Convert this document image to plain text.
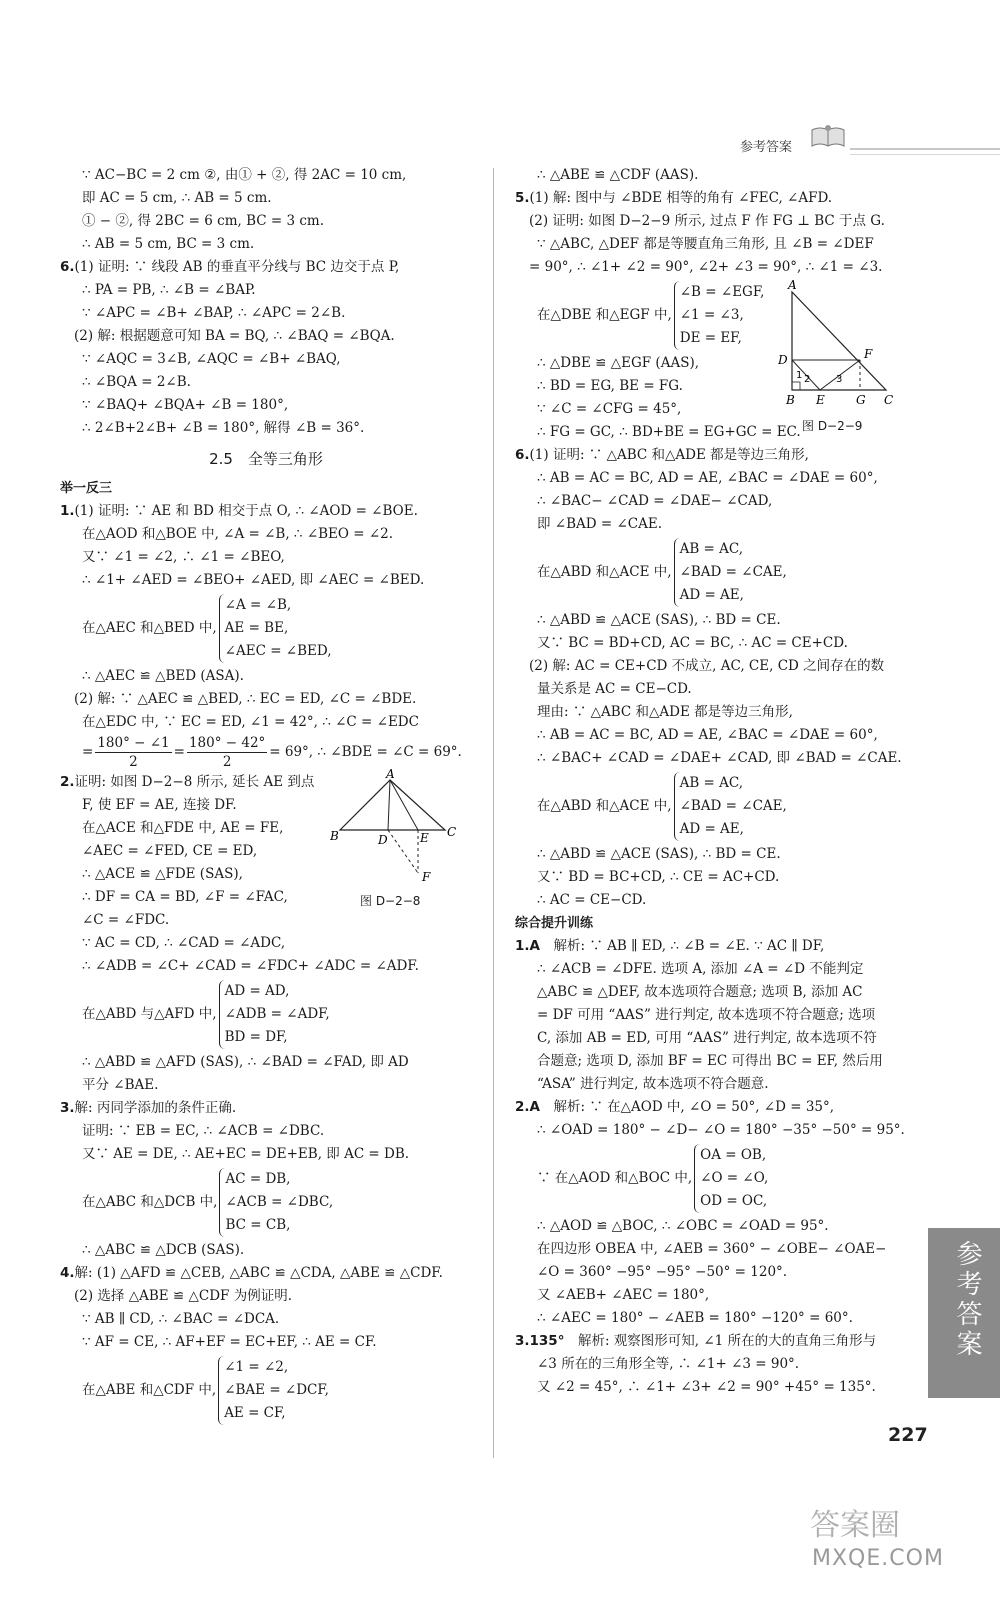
参考答案
∵ AC−BC = 2 cm ②, 由① + ②, 得 2AC = 10 cm,
即 AC = 5 cm, ∴ AB = 5 cm.
① − ②, 得 2BC = 6 cm, BC = 3 cm.
∴ AB = 5 cm, BC = 3 cm.
6.(1) 证明: ∵ 线段 AB 的垂直平分线与 BC 边交于点 P,
∴ PA = PB, ∴ ∠B = ∠BAP.
∵ ∠APC = ∠B+ ∠BAP, ∴ ∠APC = 2∠B.
(2) 解: 根据题意可知 BA = BQ, ∴ ∠BAQ = ∠BQA.
∵ ∠AQC = 3∠B, ∠AQC = ∠B+ ∠BAQ,
∴ ∠BQA = 2∠B.
∵ ∠BAQ+ ∠BQA+ ∠B = 180°,
∴ 2∠B+2∠B+ ∠B = 180°, 解得 ∠B = 36°.
2.5　全等三角形
举一反三
1.(1) 证明: ∵ AE 和 BD 相交于点 O, ∴ ∠AOD = ∠BOE.
在△AOD 和△BOE 中, ∠A = ∠B, ∴ ∠BEO = ∠2.
又∵ ∠1 = ∠2, ∴ ∠1 = ∠BEO,
∴ ∠1+ ∠AED = ∠BEO+ ∠AED, 即 ∠AEC = ∠BED.
在△AEC 和△BED 中,
∠A = ∠B,
AE = BE,
∠AEC = ∠BED,
∴ △AEC ≌ △BED (ASA).
(2) 解: ∵ △AEC ≌ △BED, ∴ EC = ED, ∠C = ∠BDE.
在△EDC 中, ∵ EC = ED, ∠1 = 42°, ∴ ∠C = ∠EDC
= $\frac{180^\circ - \angle 1}{2} = \frac{180^\circ - 42^\circ}{2} = 69^\circ$, ∴ ∠BDE = ∠C = 69°.
2.证明: 如图 D−2−8 所示, 延长 AE 到点
F, 使 EF = AE, 连接 DF.
在△ACE 和△FDE 中, AE = FE,
∠AEC = ∠FED, CE = ED,
∴ △ACE ≌ △FDE (SAS),
∴ DF = CA = BD, ∠F = ∠FAC,
∠C = ∠FDC.
∵ AC = CD, ∴ ∠CAD = ∠ADC,
∴ ∠ADB = ∠C+ ∠CAD = ∠FDC+ ∠ADC = ∠ADF.
在△ABD 与△AFD 中,
AD = AD,
∠ADB = ∠ADF,
BD = DF,
∴ △ABD ≌ △AFD (SAS), ∴ ∠BAD = ∠FAD, 即 AD
平分 ∠BAE.
3.解: 丙同学添加的条件正确.
证明: ∵ EB = EC, ∴ ∠ACB = ∠DBC.
又∵ AE = DE, ∴ AE+EC = DE+EB, 即 AC = DB.
在△ABC 和△DCB 中,
AC = DB,
∠ACB = ∠DBC,
BC = CB,
∴ △ABC ≌ △DCB (SAS).
4.解: (1) △AFD ≌ △CEB, △ABC ≌ △CDA, △ABE ≌ △CDF.
(2) 选择 △ABE ≌ △CDF 为例证明.
∵ AB ∥ CD, ∴ ∠BAC = ∠DCA.
∵ AF = CE, ∴ AF+EF = EC+EF, ∴ AE = CF.
在△ABE 和△CDF 中,
∠1 = ∠2,
∠BAE = ∠DCF,
AE = CF,
A
B	D	E C
F
图 D−2−8
∴ △ABE ≌ △CDF (AAS).
5.(1) 解: 图中与 ∠BDE 相等的角有 ∠FEC, ∠AFD.
(2) 证明: 如图 D−2−9 所示, 过点 F 作 FG ⊥ BC 于点 G.
∵ △ABC, △DEF 都是等腰直角三角形, 且 ∠B = ∠DEF
= 90°, ∴ ∠1+ ∠2 = 90°, ∠2+ ∠3 = 90°, ∴ ∠1 = ∠3.
在△DBE 和△EGF 中,
∠B = ∠EGF,
∠1 = ∠3,
DE = EF,
∴ △DBE ≌ △EGF (AAS),
∴ BD = EG, BE = FG.
∵ ∠C = ∠CFG = 45°,
∴ FG = GC, ∴ BD+BE = EG+GC = EC.
6.(1) 证明: ∵ △ABC 和△ADE 都是等边三角形,
∴ AB = AC = BC, AD = AE, ∠BAC = ∠DAE = 60°,
∴ ∠BAC− ∠CAD = ∠DAE− ∠CAD,
即 ∠BAD = ∠CAE.
在△ABD 和△ACE 中,
AB = AC,
∠BAD = ∠CAE,
AD = AE,
∴ △ABD ≌ △ACE (SAS), ∴ BD = CE.
又∵ BC = BD+CD, AC = BC, ∴ AC = CE+CD.
(2) 解: AC = CE+CD 不成立, AC, CE, CD 之间存在的数
量关系是 AC = CE−CD.
理由: ∵ △ABC 和△ADE 都是等边三角形,
∴ AB = AC = BC, AD = AE, ∠BAC = ∠DAE = 60°,
∴ ∠BAC+ ∠CAD = ∠DAE+ ∠CAD, 即 ∠BAD = ∠CAE.
在△ABD 和△ACE 中,
AB = AC,
∠BAD = ∠CAE,
AD = AE,
∴ △ABD ≌ △ACE (SAS), ∴ BD = CE.
又∵ BD = BC+CD, ∴ CE = AC+CD.
∴ AC = CE−CD.
综合提升训练
1.A　 解析: ∵ AB ∥ ED, ∴ ∠B = ∠E. ∵ AC ∥ DF,
∴ ∠ACB = ∠DFE. 选项 A, 添加 ∠A = ∠D 不能判定
△ABC ≌ △DEF, 故本选项符合题意; 选项 B, 添加 AC
= DF 可用 “AAS” 进行判定, 故本选项不符合题意; 选项
C, 添加 AB = ED, 可用 “AAS” 进行判定, 故本选项不符
合题意; 选项 D, 添加 BF = EC 可得出 BC = EF, 然后用
“ASA” 进行判定, 故本选项不符合题意.
2.A　 解析: ∵ 在△AOD 中, ∠O = 50°, ∠D = 35°,
∴ ∠OAD = 180° − ∠D− ∠O = 180° −35° −50° = 95°.
∵ 在△AOD 和△BOC 中,
OA = OB,
∠O = ∠O,
OD = OC,
∴ △AOD ≌ △BOC, ∴ ∠OBC = ∠OAD = 95°.
在四边形 OBEA 中, ∠AEB = 360° − ∠OBE− ∠OAE−
∠O = 360° −95° −95° −50° = 120°.
又 ∠AEB+ ∠AEC = 180°,
∴ ∠AEC = 180° − ∠AEB = 180° −120° = 60°.
3.135°　 解析: 观察图形可知, ∠1 所在的大的直角三角形与
∠3 所在的三角形全等, ∴ ∠1+ ∠3 = 90°.
又 ∠2 = 45°, ∴ ∠1+ ∠3+ ∠2 = 90° +45° = 135°.
A
D	F
B E	G C
1 2	3
图 D−2−9
参考答案
227
答案圈
MXQE.COM
